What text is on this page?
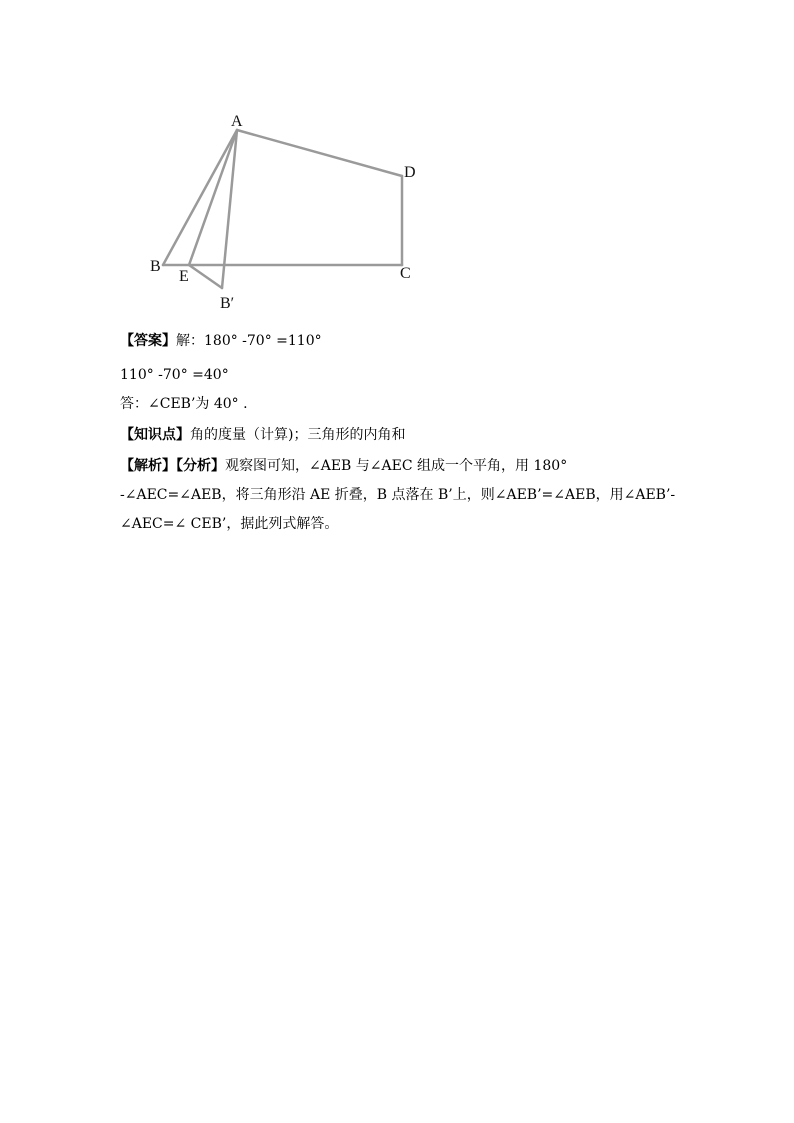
A
D
B
E	C
B′
【答案】解：180° -70° =110°
110° -70° =40°
答：∠CEB’为 40° .
【知识点】角的度量（计算)；三角形的内角和
【解析】【分析】观察图可知，∠AEB 与∠AEC 组成一个平角，用 180° -∠AEC=∠AEB，将三角形沿 AE 折叠，B 点落在 B’上，则∠AEB’=∠AEB，用∠AEB’-∠AEC=∠ CEB’，据此列式解答。
